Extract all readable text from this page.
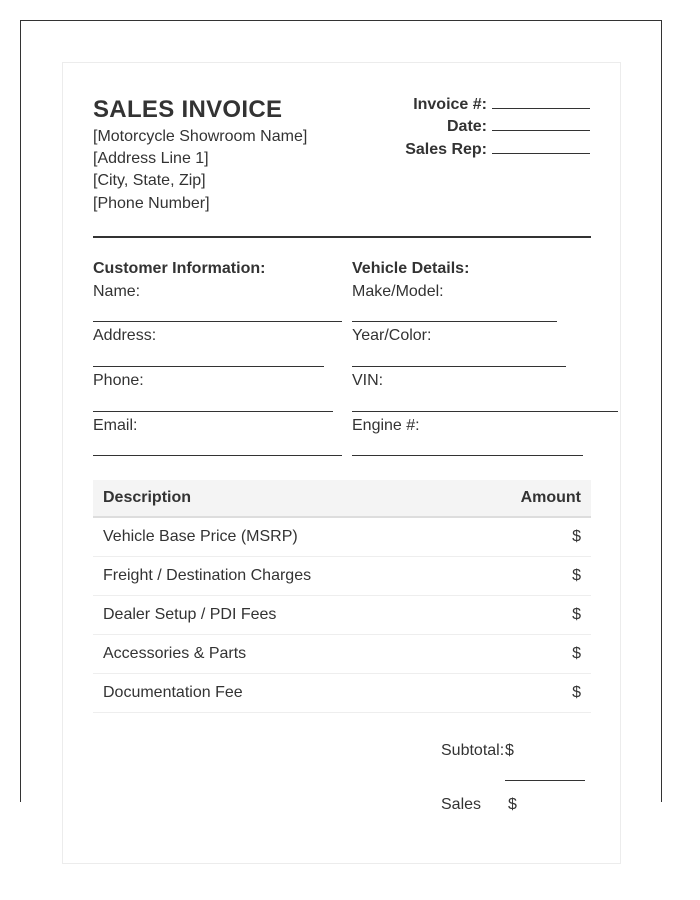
SALES INVOICE
[Motorcycle Showroom Name]
[Address Line 1]
[City, State, Zip]
[Phone Number]
Invoice #:
Date:
Sales Rep:
Customer Information:
Name:
Address:
Phone:
Email:
Vehicle Details:
Make/Model:
Year/Color:
VIN:
Engine #:
Description	Amount
Vehicle Base Price (MSRP)	$
Freight / Destination Charges	$
Dealer Setup / PDI Fees	$
Accessories & Parts	$
Documentation Fee	$
Subtotal: $
Sales $
